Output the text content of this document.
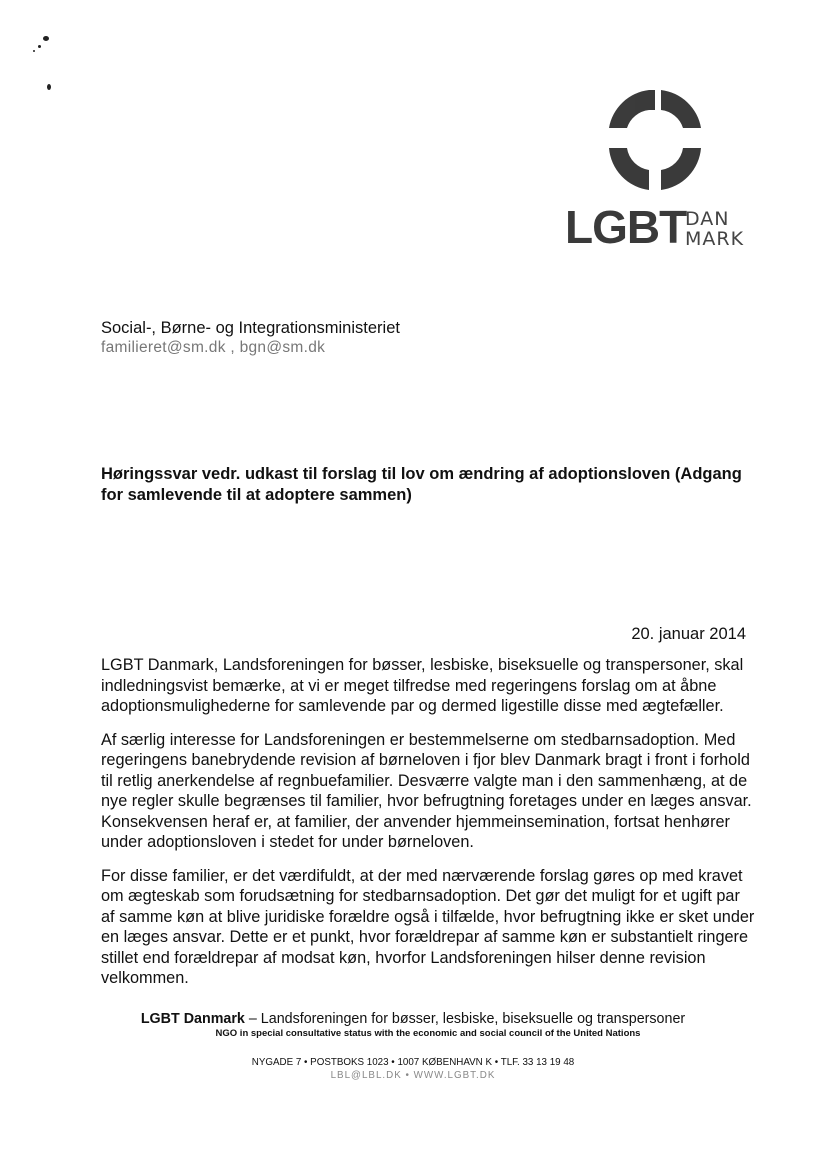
LGBT
DAN
MARK
Social-, Børne- og Integrationsministeriet
familieret@sm.dk , bgn@sm.dk
Høringssvar vedr. udkast til forslag til lov om ændring af adoptionsloven (Adgang for samlevende til at adoptere sammen)
20. januar 2014

LGBT Danmark, Landsforeningen for bøsser, lesbiske, biseksuelle og transpersoner, skal indledningsvist bemærke, at vi er meget tilfredse med regeringens forslag om at åbne adoptionsmulighederne for samlevende par og dermed ligestille disse med ægtefæller.

Af særlig interesse for Landsforeningen er bestemmelserne om stedbarnsadoption. Med regeringens banebrydende revision af børneloven i fjor blev Danmark bragt i front i forhold til retlig anerkendelse af regnbuefamilier. Desværre valgte man i den sammenhæng, at de nye regler skulle begrænses til familier, hvor befrugtning foretages under en læges ansvar. Konsekvensen heraf er, at familier, der anvender hjemmeinsemination, fortsat henhører under adoptionsloven i stedet for under børneloven.

For disse familier, er det værdifuldt, at der med nærværende forslag gøres op med kravet om ægteskab som forudsætning for stedbarnsadoption. Det gør det muligt for et ugift par af samme køn at blive juridiske forældre også i tilfælde, hvor befrugtning ikke er sket under en læges ansvar. Dette er et punkt, hvor forældrepar af samme køn er substantielt ringere stillet end forældrepar af modsat køn, hvorfor Landsforeningen hilser denne revision velkommen.

LGBT Danmark – Landsforeningen for bøsser, lesbiske, biseksuelle og transpersoner
NGO in special consultative status with the economic and social council of the United Nations
NYGADE 7 • POSTBOKS 1023 • 1007 KØBENHAVN K • TLF. 33 13 19 48
LBL@LBL.DK • WWW.LGBT.DK
